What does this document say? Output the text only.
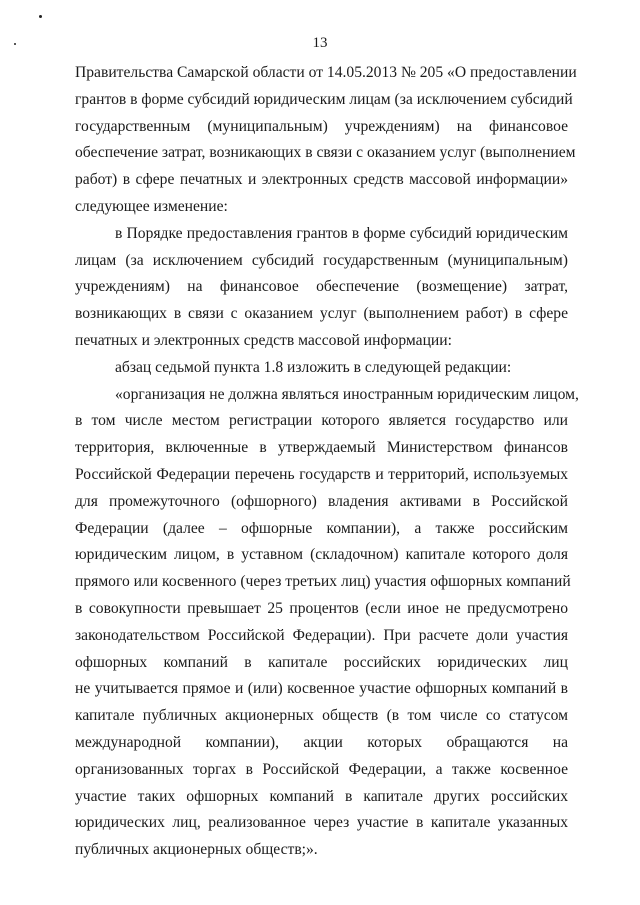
13
Правительства Самарской области от 14.05.2013 № 205 «О предоставлении
грантов в форме субсидий юридическим лицам (за исключением субсидий
государственным (муниципальным) учреждениям) на финансовое
обеспечение затрат, возникающих в связи с оказанием услуг (выполнением
работ) в сфере печатных и электронных средств массовой информации»
следующее изменение:
в Порядке предоставления грантов в форме субсидий юридическим
лицам (за исключением субсидий государственным (муниципальным)
учреждениям) на финансовое обеспечение (возмещение) затрат,
возникающих в связи с оказанием услуг (выполнением работ) в сфере
печатных и электронных средств массовой информации:
абзац седьмой пункта 1.8 изложить в следующей редакции:
«организация не должна являться иностранным юридическим лицом,
в том числе местом регистрации которого является государство или
территория, включенные в утверждаемый Министерством финансов
Российской Федерации перечень государств и территорий, используемых
для промежуточного (офшорного) владения активами в Российской
Федерации (далее – офшорные компании), а также российским
юридическим лицом, в уставном (складочном) капитале которого доля
прямого или косвенного (через третьих лиц) участия офшорных компаний
в совокупности превышает 25 процентов (если иное не предусмотрено
законодательством Российской Федерации). При расчете доли участия
офшорных компаний в капитале российских юридических лиц
не учитывается прямое и (или) косвенное участие офшорных компаний в
капитале публичных акционерных обществ (в том числе со статусом
международной компании), акции которых обращаются на
организованных торгах в Российской Федерации, а также косвенное
участие таких офшорных компаний в капитале других российских
юридических лиц, реализованное через участие в капитале указанных
публичных акционерных обществ;».
